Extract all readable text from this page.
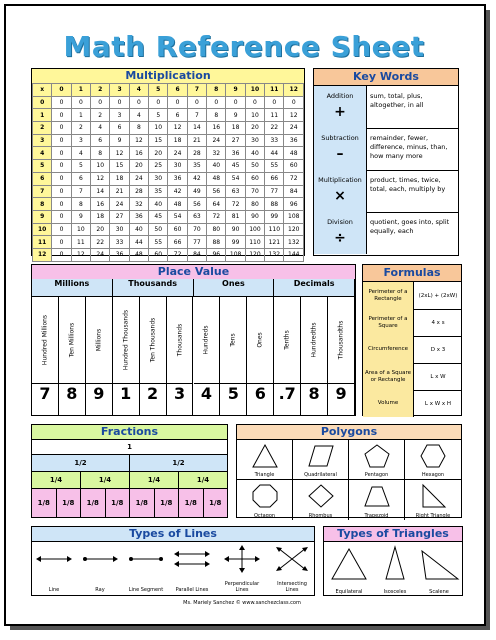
Math Reference Sheet
Multiplication
x	0	1	2	3	4	5	6	7	8	9	10	11	12
0	0	0	0	0	0	0	0	0	0	0	0	0	0
1	0	1	2	3	4	5	6	7	8	9	10	11	12
2	0	2	4	6	8	10	12	14	16	18	20	22	24
3	0	3	6	9	12	15	18	21	24	27	30	33	36
4	0	4	8	12	16	20	24	28	32	36	40	44	48
5	0	5	10	15	20	25	30	35	40	45	50	55	60
6	0	6	12	18	24	30	36	42	48	54	60	66	72
7	0	7	14	21	28	35	42	49	56	63	70	77	84
8	0	8	16	24	32	40	48	56	64	72	80	88	96
9	0	9	18	27	36	45	54	63	72	81	90	99	108
10	0	10	20	30	40	50	60	70	80	90	100	110	120
11	0	11	22	33	44	55	66	77	88	99	110	121	132
12	0	12	24	36	48	60	72	84	96	108	120	132	144
Key Words
Addition
+
sum, total, plus, altogether, in all
Subtraction
–
remainder, fewer, difference, minus, than, how many more
Multiplication
×
product, times, twice, total, each, multiply by
Division
÷
quotient, goes into, split equally, each
Place Value
Millions	Thousands	Ones	Decimals
Hundred Millions	Ten Millions	Millions	Hundred Thousands	Ten Thousands	Thousands	Hundreds	Tens	Ones	Tenths	Hundredths	Thousandths
7 8 9 1 2 3 4 5 6 .7 8 9
Formulas
Perimeter of a Rectangle	(2xL) + (2xW)
Perimeter of a Square	4 x s
Circumference	D x 3
Area of a Square or Rectangle	L x W
Volume	L x W x H
Fractions
1
1/2	1/2
1/4	1/4	1/4	1/4
1/8	1/8	1/8	1/8	1/8	1/8	1/8	1/8
Polygons
Triangle	Quadrilateral	Pentagon	Hexagon
Octagon	Rhombus	Trapezoid	Right Triangle
Types of Lines
Line	Ray	Line Segment	Parallel Lines
Perpendicular Lines
Intersecting Lines
Types of Triangles
Equilateral	Isosceles	Scalene
Ms. Mariely Sanchez © www.sanchezclass.com
